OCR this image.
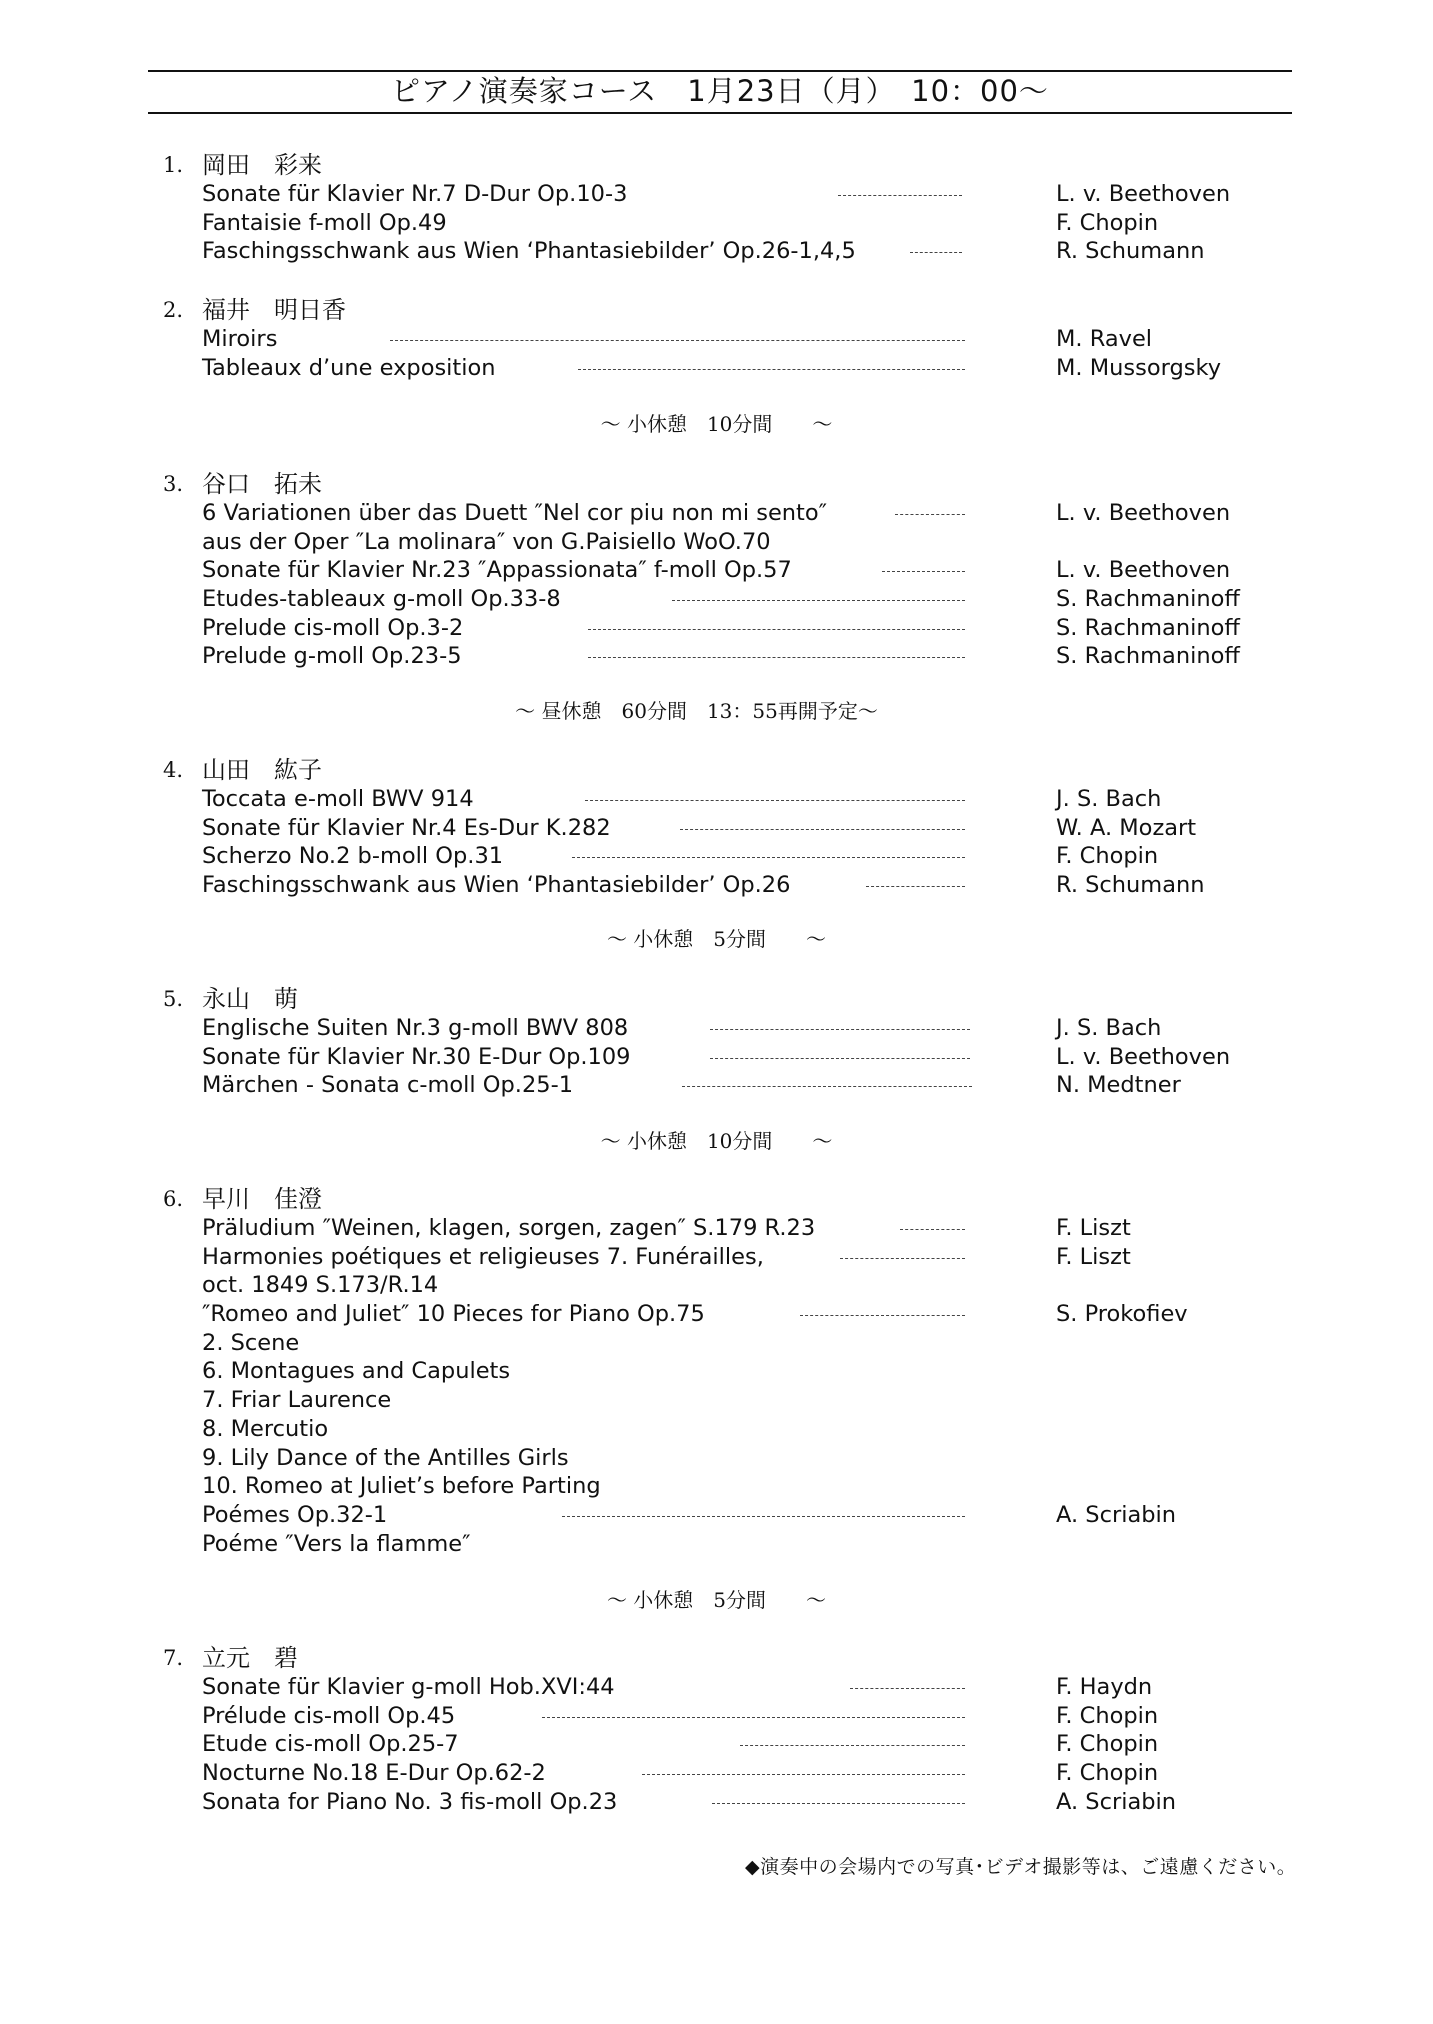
ピアノ演奏家コース　1月23日（月）　10：00～
1. 岡田　彩来
Sonate für Klavier Nr.7 D-Dur Op.10-3	L. v. Beethoven
Fantaisie f-moll Op.49	F. Chopin
Faschingsschwank aus Wien ‘Phantasiebilder’ Op.26-1,4,5	R. Schumann
2. 福井　明日香
Miroirs	M. Ravel
Tableaux d’une exposition	M. Mussorgsky
～ 小休憩　10分間 ～
3. 谷口　拓未
6 Variationen über das Duett ″Nel cor piu non mi sento″	L. v. Beethoven
aus der Oper ″La molinara″ von G.Paisiello WoO.70
Sonate für Klavier Nr.23 ″Appassionata″ f-moll Op.57	L. v. Beethoven
Etudes-tableaux g-moll Op.33-8	S. Rachmaninoff
Prelude cis-moll Op.3-2	S. Rachmaninoff
Prelude g-moll Op.23-5	S. Rachmaninoff
～ 昼休憩　60分間　13：55再開予定～
4. 山田　紘子
Toccata e-moll BWV 914	J. S. Bach
Sonate für Klavier Nr.4 Es-Dur K.282	W. A. Mozart
Scherzo No.2 b-moll Op.31	F. Chopin
Faschingsschwank aus Wien ‘Phantasiebilder’ Op.26	R. Schumann
～ 小休憩　5分間 ～
5. 永山　萌
Englische Suiten Nr.3 g-moll BWV 808	J. S. Bach
Sonate für Klavier Nr.30 E-Dur Op.109	L. v. Beethoven
Märchen - Sonata c-moll Op.25-1	N. Medtner
～ 小休憩　10分間 ～
6. 早川　佳澄
Präludium ″Weinen, klagen, sorgen, zagen″ S.179 R.23	F. Liszt
Harmonies poétiques et religieuses 7. Funérailles,	F. Liszt
oct. 1849 S.173/R.14
″Romeo and Juliet″ 10 Pieces for Piano Op.75	S. Prokofiev
2. Scene
6. Montagues and Capulets
7. Friar Laurence
8. Mercutio
9. Lily Dance of the Antilles Girls
10. Romeo at Juliet’s before Parting
Poémes Op.32-1	A. Scriabin
Poéme ″Vers la flamme″
～ 小休憩　5分間 ～
7. 立元　碧
Sonate für Klavier g-moll Hob.XVI:44	F. Haydn
Prélude cis-moll Op.45	F. Chopin
Etude cis-moll Op.25-7	F. Chopin
Nocturne No.18 E-Dur Op.62-2	F. Chopin
Sonata for Piano No. 3 fis-moll Op.23	A. Scriabin
◆演奏中の会場内での写真･ビデオ撮影等は、ご遠慮ください。
